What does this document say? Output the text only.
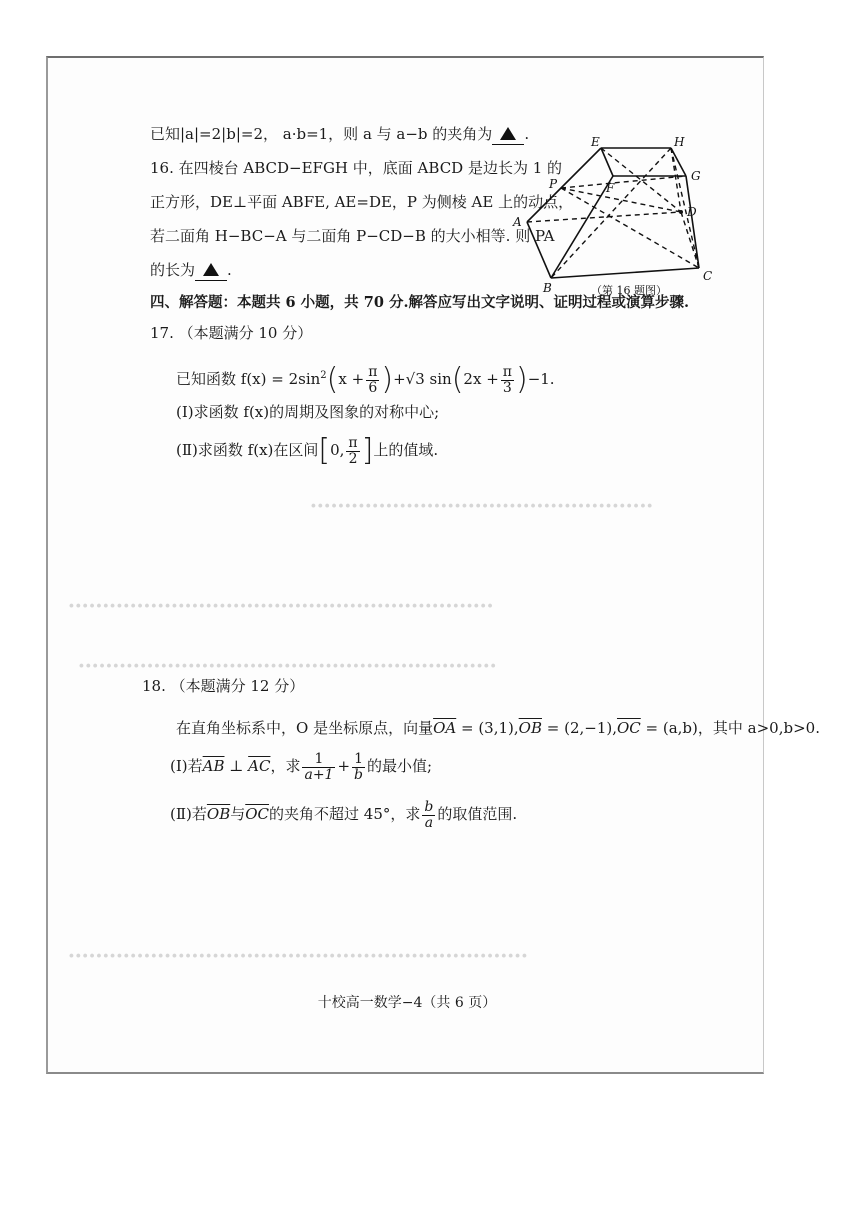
∙∙∙∙∙∙∙∙∙∙∙∙∙∙∙∙∙∙∙∙∙∙∙∙∙∙∙∙∙∙∙∙∙∙∙∙∙∙∙∙∙∙∙∙∙∙∙∙∙∙
∙∙∙∙∙∙∙∙∙∙∙∙∙∙∙∙∙∙∙∙∙∙∙∙∙∙∙∙∙∙∙∙∙∙∙∙∙∙∙∙∙∙∙∙∙∙∙∙∙∙∙∙∙∙∙∙∙∙∙∙∙∙
∙∙∙∙∙∙∙∙∙∙∙∙∙∙∙∙∙∙∙∙∙∙∙∙∙∙∙∙∙∙∙∙∙∙∙∙∙∙∙∙∙∙∙∙∙∙∙∙∙∙∙∙∙∙∙∙∙∙∙∙∙
∙∙∙∙∙∙∙∙∙∙∙∙∙∙∙∙∙∙∙∙∙∙∙∙∙∙∙∙∙∙∙∙∙∙∙∙∙∙∙∙∙∙∙∙∙∙∙∙∙∙∙∙∙∙∙∙∙∙∙∙∙∙∙∙∙∙∙
已知|a|=2|b|=2， a·b=1，则 a 与 a−b 的夹角为 .
16. 在四棱台 ABCD−EFGH 中，底面 ABCD 是边长为 1 的
正方形，DE⊥平面 ABFE, AE=DE，P 为侧棱 AE 上的动点，
若二面角 H−BC−A 与二面角 P−CD−B 的大小相等. 则 PA
的长为 .
E	H
F
G
P
D
A
B
C
（第 16 题图）
四、解答题：本题共 6 小题，共 70 分.解答应写出文字说明、证明过程或演算步骤.
17. （本题满分 10 分）
已知函数 $f(x) = 2\sin^2(x + \frac{\pi}{6} )+√3$ $\sin(2x + \frac{\pi}{3} )-1$.
(Ⅰ)求函数 f(x)的周期及图象的对称中心;
(Ⅱ)求函数 f(x)在区间[0, $\frac{\pi}{2}$ ]上的值域.
18. （本题满分 12 分）
在直角坐标系中，O 是坐标原点，向量$\overline{OA} = (3,1),\overline{OB} = (2,-1),\overline{OC} = (a,b)$，其中 a>0,b>0.
(Ⅰ)若$\overline{AB}$ ⊥ $\overline{AC}$，求 $\frac{1}{a+1} + \frac{1}{b}$ 的最小值;
(Ⅱ)若$\overline{OB}$与$\overline{OC}$的夹角不超过 45°，求 $\frac{b}{a}$ 的取值范围.
十校高一数学−4（共 6 页）
